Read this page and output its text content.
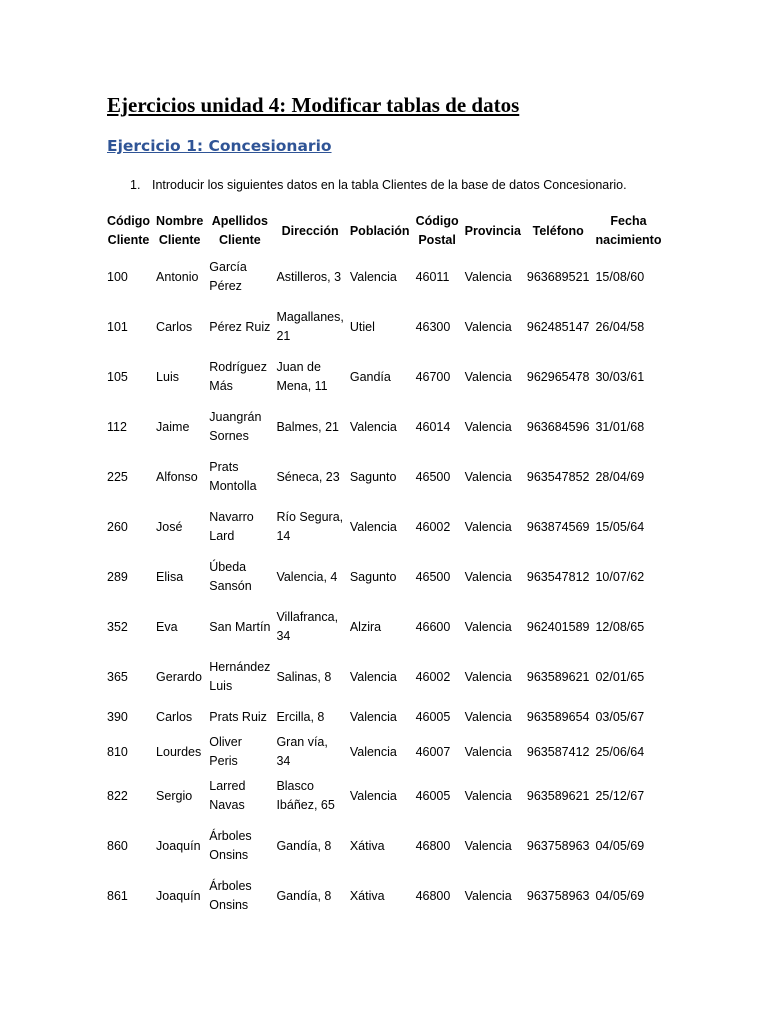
Ejercicios unidad 4: Modificar tablas de datos
Ejercicio 1: Concesionario
1. Introducir los siguientes datos en la tabla Clientes de la base de datos Concesionario.
Código Cliente	Nombre Cliente	Apellidos Cliente	Dirección	Población	Código Postal	Provincia	Teléfono	Fecha nacimiento
100	Antonio	García Pérez	Astilleros, 3	Valencia	46011	Valencia	963689521	15/08/60
101	Carlos	Pérez Ruiz	Magallanes, 21	Utiel	46300	Valencia	962485147	26/04/58
105	Luis	Rodríguez Más	Juan de Mena, 11	Gandía	46700	Valencia	962965478	30/03/61
112	Jaime	Juangrán Sornes	Balmes, 21	Valencia	46014	Valencia	963684596	31/01/68
225	Alfonso	Prats Montolla	Séneca, 23	Sagunto	46500	Valencia	963547852	28/04/69
260	José	Navarro Lard	Río Segura, 14	Valencia	46002	Valencia	963874569	15/05/64
289	Elisa	Úbeda Sansón	Valencia, 4	Sagunto	46500	Valencia	963547812	10/07/62
352	Eva	San Martín	Villafranca, 34	Alzira	46600	Valencia	962401589	12/08/65
365	Gerardo	Hernández Luis	Salinas, 8	Valencia	46002	Valencia	963589621	02/01/65
390	Carlos	Prats Ruiz	Ercilla, 8	Valencia	46005	Valencia	963589654	03/05/67
810	Lourdes	Oliver Peris	Gran vía, 34	Valencia	46007	Valencia	963587412	25/06/64
822	Sergio	Larred Navas	Blasco Ibáñez, 65	Valencia	46005	Valencia	963589621	25/12/67
860	Joaquín	Árboles Onsins	Gandía, 8	Xátiva	46800	Valencia	963758963	04/05/69
861	Joaquín	Árboles Onsins	Gandía, 8	Xátiva	46800	Valencia	963758963	04/05/69
